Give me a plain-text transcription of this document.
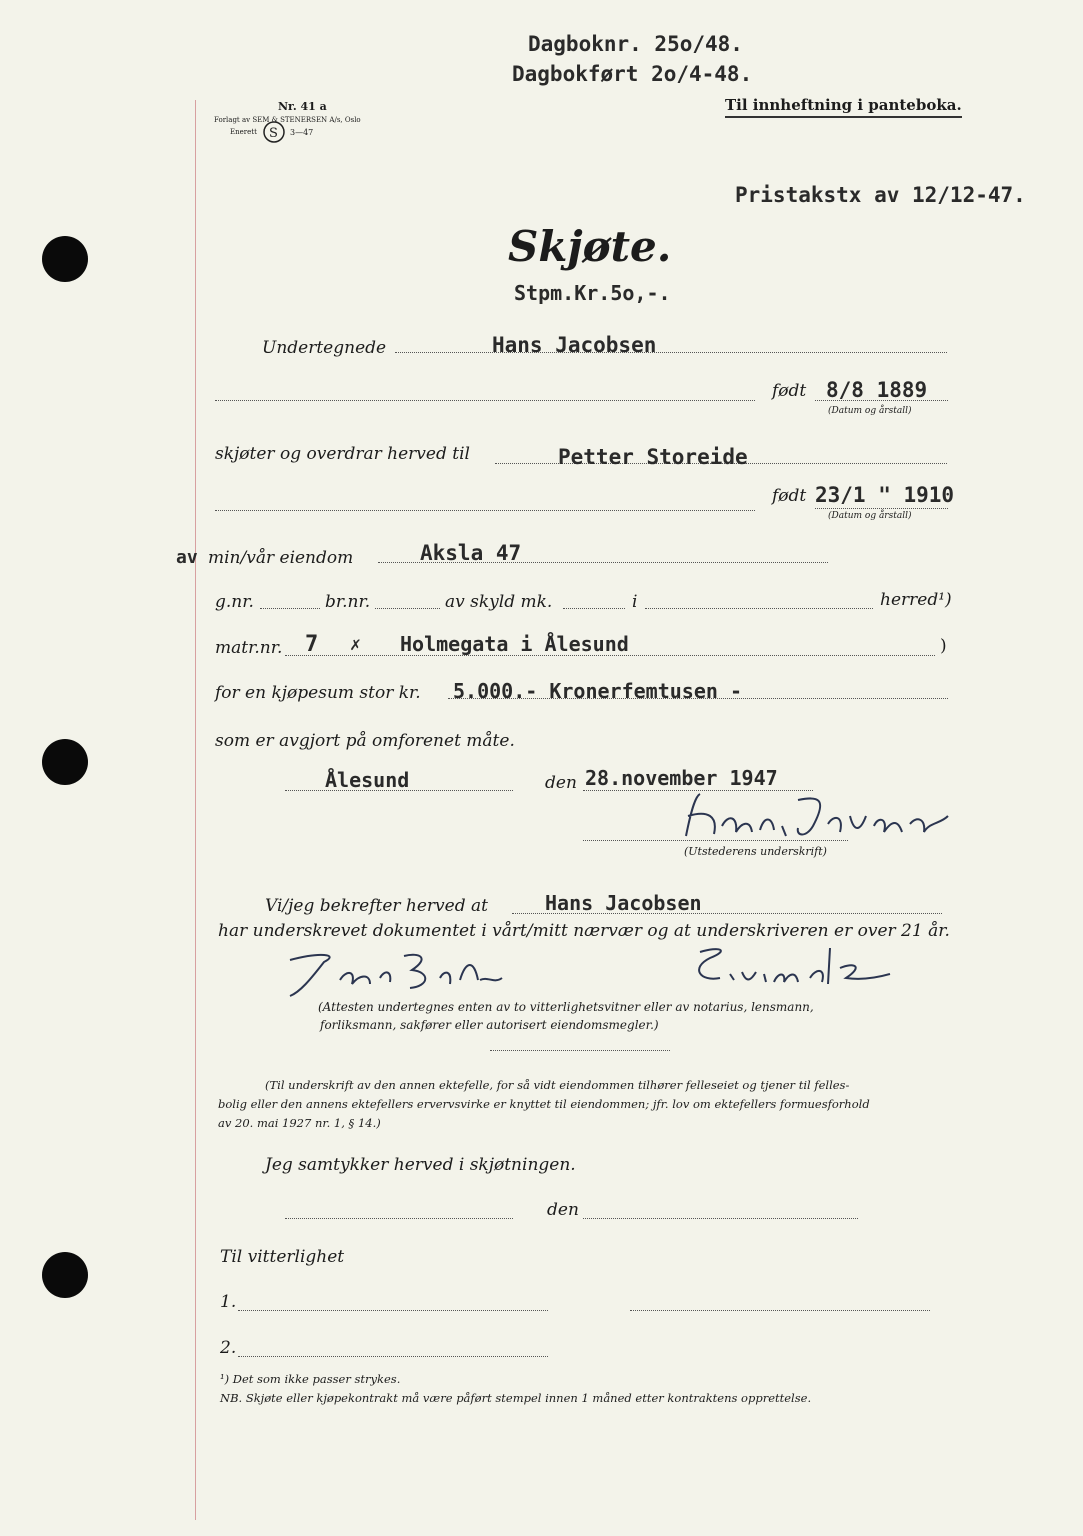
Dagboknr. 25o/48.
Dagbokført 2o/4-48.
Nr. 41 a
Forlagt av SEM & STENERSEN A/s, Oslo
Enerett S 3—47
Til innheftning i panteboka.
Pristakstx av 12/12-47.
Skjøte.
Stpm.Kr.5o,-.
Undertegnede	Hans Jacobsen
født 8/8 1889
(Datum og årstall)
skjøter og overdrar herved til	Petter Storeide
født 23/1 " 1910
(Datum og årstall)
av min/vår eiendom	Aksla 47
g.nr.	br.nr.	av skyld mk.	i	herred¹)
matr.nr. 7 ✗ Holmegata i Ålesund	)
for en kjøpesum stor kr. 5.000.- Kronerfemtusen -
som er avgjort på omforenet måte.
Ålesund	den 28.november 1947
(Utstederens underskrift)
Vi/jeg bekrefter herved at	Hans Jacobsen
har underskrevet dokumentet i vårt/mitt nærvær og at underskriveren er over 21 år.
(Attesten undertegnes enten av to vitterlighetsvitner eller av notarius, lensmann,
forliksmann, sakfører eller autorisert eiendomsmegler.)
(Til underskrift av den annen ektefelle, for så vidt eiendommen tilhører felleseiet og tjener til felles-
bolig eller den annens ektefellers ervervsvirke er knyttet til eiendommen; jfr. lov om ektefellers formuesforhold
av 20. mai 1927 nr. 1, § 14.)
Jeg samtykker herved i skjøtningen.
den
Til vitterlighet
1.
2.
¹) Det som ikke passer strykes.
NB. Skjøte eller kjøpekontrakt må være påført stempel innen 1 måned etter kontraktens opprettelse.
